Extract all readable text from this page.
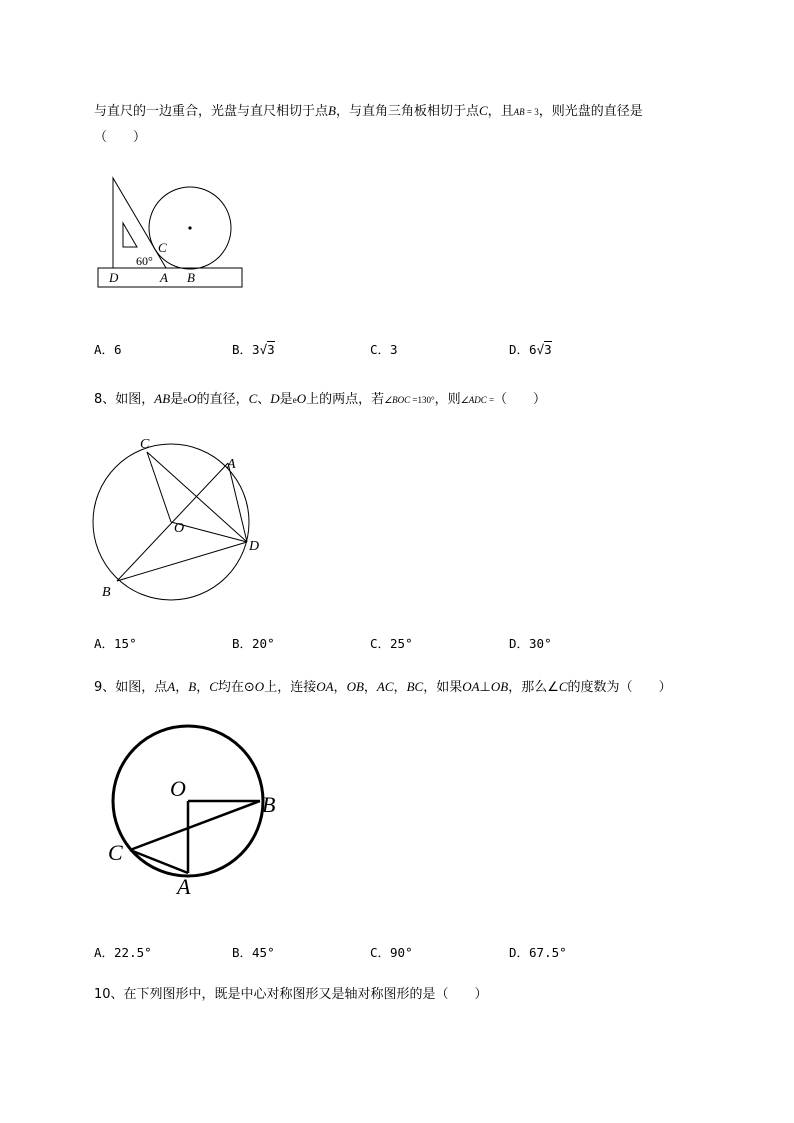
与直尺的一边重合，光盘与直尺相切于点B，与直角三角板相切于点C，且AB = 3，则光盘的直径是
（　　）
C
60°
D	A B
A．6	B．3√3	C．3	D．6√3
8、如图，AB是eO的直径，C、D是eO上的两点，若∠BOC =130°，则∠ADC =（　　）
C
A
O
D
B
A．15°	B．20°	C．25°	D．30°
9、如图，点A，B，C均在⊙O上，连接OA，OB，AC，BC，如果OA⊥OB，那么∠C的度数为（　　）
O
B
C
A
A．22.5°	B．45°	C．90°	D．67.5°
10、在下列图形中，既是中心对称图形又是轴对称图形的是（　　）
